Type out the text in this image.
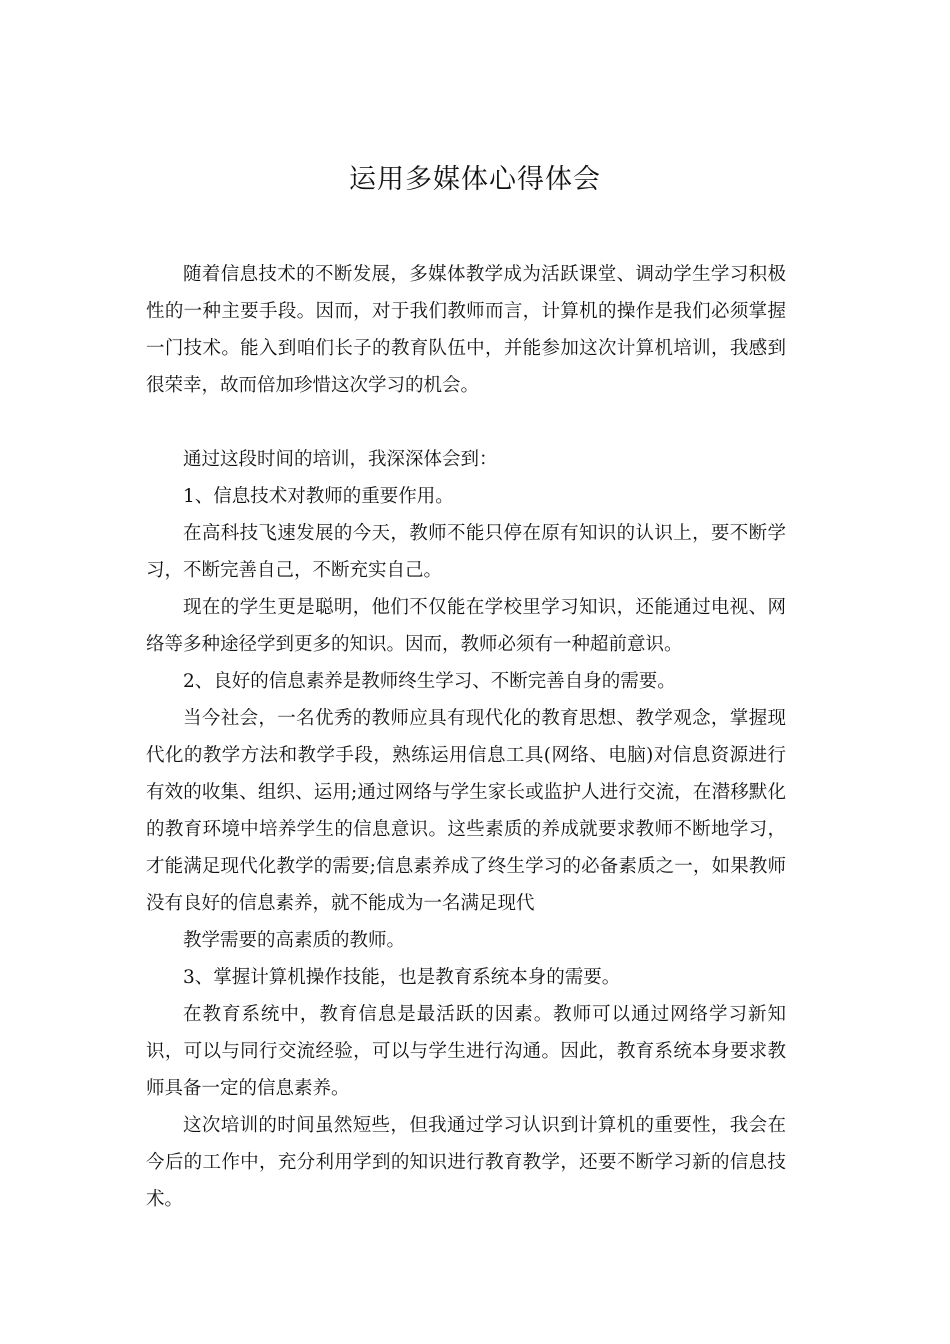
运用多媒体心得体会

随着信息技术的不断发展，多媒体教学成为活跃课堂、调动学生学习积极性的一种主要手段。因而，对于我们教师而言，计算机的操作是我们必须掌握一门技术。能入到咱们长子的教育队伍中，并能参加这次计算机培训，我感到很荣幸，故而倍加珍惜这次学习的机会。

通过这段时间的培训，我深深体会到：

1、信息技术对教师的重要作用。

在高科技飞速发展的今天，教师不能只停在原有知识的认识上，要不断学习，不断完善自己，不断充实自己。

现在的学生更是聪明，他们不仅能在学校里学习知识，还能通过电视、网络等多种途径学到更多的知识。因而，教师必须有一种超前意识。

2、良好的信息素养是教师终生学习、不断完善自身的需要。

当今社会，一名优秀的教师应具有现代化的教育思想、教学观念，掌握现代化的教学方法和教学手段，熟练运用信息工具(网络、电脑)对信息资源进行有效的收集、组织、运用;通过网络与学生家长或监护人进行交流，在潜移默化的教育环境中培养学生的信息意识。这些素质的养成就要求教师不断地学习，才能满足现代化教学的需要;信息素养成了终生学习的必备素质之一，如果教师没有良好的信息素养，就不能成为一名满足现代

教学需要的高素质的教师。

3、掌握计算机操作技能，也是教育系统本身的需要。

在教育系统中，教育信息是最活跃的因素。教师可以通过网络学习新知识，可以与同行交流经验，可以与学生进行沟通。因此，教育系统本身要求教师具备一定的信息素养。

这次培训的时间虽然短些，但我通过学习认识到计算机的重要性，我会在今后的工作中，充分利用学到的知识进行教育教学，还要不断学习新的信息技术。
